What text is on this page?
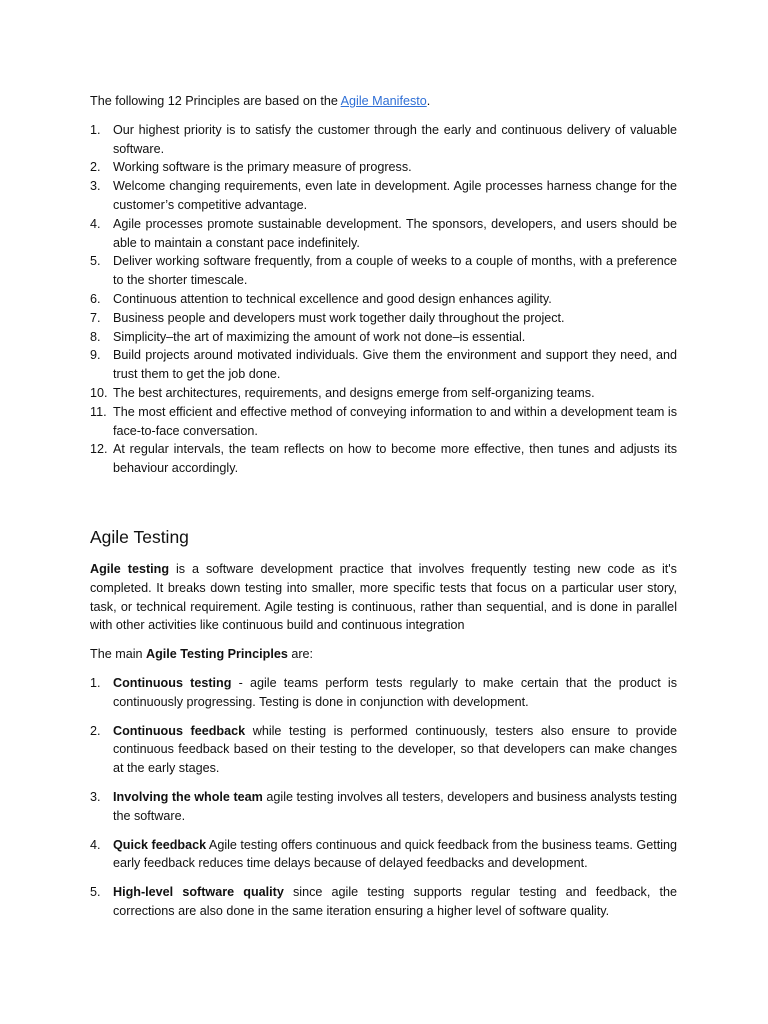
The following 12 Principles are based on the Agile Manifesto.

1. Our highest priority is to satisfy the customer through the early and continuous delivery of valuable software.
2. Working software is the primary measure of progress.
3. Welcome changing requirements, even late in development. Agile processes harness change for the customer’s competitive advantage.
4. Agile processes promote sustainable development. The sponsors, developers, and users should be able to maintain a constant pace indefinitely.
5. Deliver working software frequently, from a couple of weeks to a couple of months, with a preference to the shorter timescale.
6. Continuous attention to technical excellence and good design enhances agility.
7. Business people and developers must work together daily throughout the project.
8. Simplicity–the art of maximizing the amount of work not done–is essential.
9. Build projects around motivated individuals. Give them the environment and support they need, and trust them to get the job done.
10. The best architectures, requirements, and designs emerge from self-organizing teams.
11. The most efficient and effective method of conveying information to and within a development team is face-to-face conversation.
12. At regular intervals, the team reflects on how to become more effective, then tunes and adjusts its behaviour accordingly.
Agile Testing

Agile testing is a software development practice that involves frequently testing new code as it's completed. It breaks down testing into smaller, more specific tests that focus on a particular user story, task, or technical requirement. Agile testing is continuous, rather than sequential, and is done in parallel with other activities like continuous build and continuous integration

The main Agile Testing Principles are:

1. Continuous testing - agile teams perform tests regularly to make certain that the product is continuously progressing. Testing is done in conjunction with development.
2. Continuous feedback while testing is performed continuously, testers also ensure to provide continuous feedback based on their testing to the developer, so that developers can make changes at the early stages.
3. Involving the whole team agile testing involves all testers, developers and business analysts testing the software.
4. Quick feedback Agile testing offers continuous and quick feedback from the business teams. Getting early feedback reduces time delays because of delayed feedbacks and development.
5. High-level software quality since agile testing supports regular testing and feedback, the corrections are also done in the same iteration ensuring a higher level of software quality.
